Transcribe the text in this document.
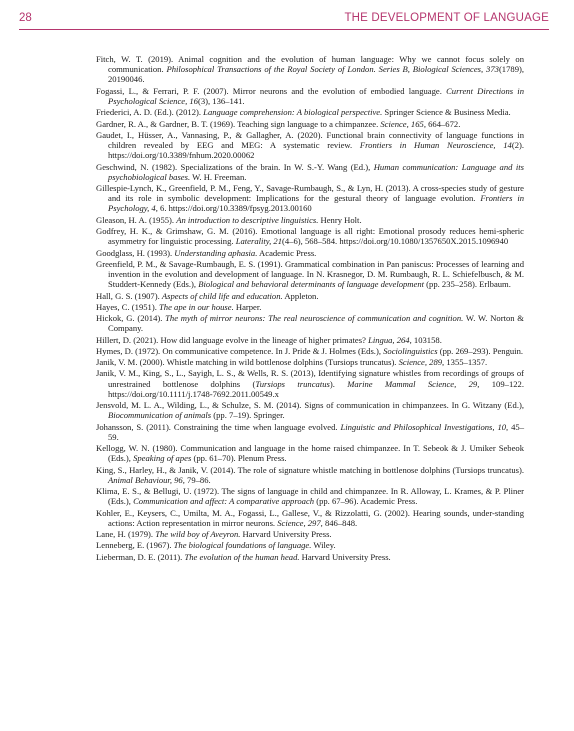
28	THE DEVELOPMENT OF LANGUAGE
Fitch, W. T. (2019). Animal cognition and the evolution of human language: Why we cannot focus solely on communication. Philosophical Transactions of the Royal Society of London. Series B, Biological Sciences, 373(1789), 20190046.
Fogassi, L., & Ferrari, P. F. (2007). Mirror neurons and the evolution of embodied language. Current Directions in Psychological Science, 16(3), 136–141.
Friederici, A. D. (Ed.). (2012). Language comprehension: A biological perspective. Springer Science & Business Media.
Gardner, R. A., & Gardner, B. T. (1969). Teaching sign language to a chimpanzee. Science, 165, 664–672.
Gaudet, I., Hüsser, A., Vannasing, P., & Gallagher, A. (2020). Functional brain connectivity of language functions in children revealed by EEG and MEG: A systematic review. Frontiers in Human Neuroscience, 14(2). https://doi.org/10.3389/fnhum.2020.00062
Geschwind, N. (1982). Specializations of the brain. In W. S.-Y. Wang (Ed.), Human communication: Language and its psychobiological bases. W. H. Freeman.
Gillespie-Lynch, K., Greenfield, P. M., Feng, Y., Savage-Rumbaugh, S., & Lyn, H. (2013). A cross-species study of gesture and its role in symbolic development: Implications for the gestural theory of language evolution. Frontiers in Psychology, 4, 6. https://doi.org/10.3389/fpsyg.2013.00160
Gleason, H. A. (1955). An introduction to descriptive linguistics. Henry Holt.
Godfrey, H. K., & Grimshaw, G. M. (2016). Emotional language is all right: Emotional prosody reduces hemi-spheric asymmetry for linguistic processing. Laterality, 21(4–6), 568–584. https://doi.org/10.1080/1357650X.2015.1096940
Goodglass, H. (1993). Understanding aphasia. Academic Press.
Greenfield, P. M., & Savage-Rumbaugh, E. S. (1991). Grammatical combination in Pan paniscus: Processes of learning and invention in the evolution and development of language. In N. Krasnegor, D. M. Rumbaugh, R. L. Schiefelbusch, & M. Studdert-Kennedy (Eds.), Biological and behavioral determinants of language development (pp. 235–258). Erlbaum.
Hall, G. S. (1907). Aspects of child life and education. Appleton.
Hayes, C. (1951). The ape in our house. Harper.
Hickok, G. (2014). The myth of mirror neurons: The real neuroscience of communication and cognition. W. W. Norton & Company.
Hillert, D. (2021). How did language evolve in the lineage of higher primates? Lingua, 264, 103158.
Hymes, D. (1972). On communicative competence. In J. Pride & J. Holmes (Eds.), Sociolinguistics (pp. 269–293). Penguin.
Janik, V. M. (2000). Whistle matching in wild bottlenose dolphins (Tursiops truncatus). Science, 289, 1355–1357.
Janik, V. M., King, S., L., Sayigh, L. S., & Wells, R. S. (2013), Identifying signature whistles from recordings of groups of unrestrained bottlenose dolphins (Tursiops truncatus). Marine Mammal Science, 29, 109–122. https://doi.org/10.1111/j.1748-7692.2011.00549.x
Jensvold, M. L. A., Wilding, L., & Schulze, S. M. (2014). Signs of communication in chimpanzees. In G. Witzany (Ed.), Biocommunication of animals (pp. 7–19). Springer.
Johansson, S. (2011). Constraining the time when language evolved. Linguistic and Philosophical Investigations, 10, 45–59.
Kellogg, W. N. (1980). Communication and language in the home raised chimpanzee. In T. Sebeok & J. Umiker Sebeok (Eds.), Speaking of apes (pp. 61–70). Plenum Press.
King, S., Harley, H., & Janik, V. (2014). The role of signature whistle matching in bottlenose dolphins (Tursiops truncatus). Animal Behaviour, 96, 79–86.
Klima, E. S., & Bellugi, U. (1972). The signs of language in child and chimpanzee. In R. Alloway, L. Krames, & P. Pliner (Eds.), Communication and affect: A comparative approach (pp. 67–96). Academic Press.
Kohler, E., Keysers, C., Umilta, M. A., Fogassi, L., Gallese, V., & Rizzolatti, G. (2002). Hearing sounds, under-standing actions: Action representation in mirror neurons. Science, 297, 846–848.
Lane, H. (1979). The wild boy of Aveyron. Harvard University Press.
Lenneberg, E. (1967). The biological foundations of language. Wiley.
Lieberman, D. E. (2011). The evolution of the human head. Harvard University Press.
